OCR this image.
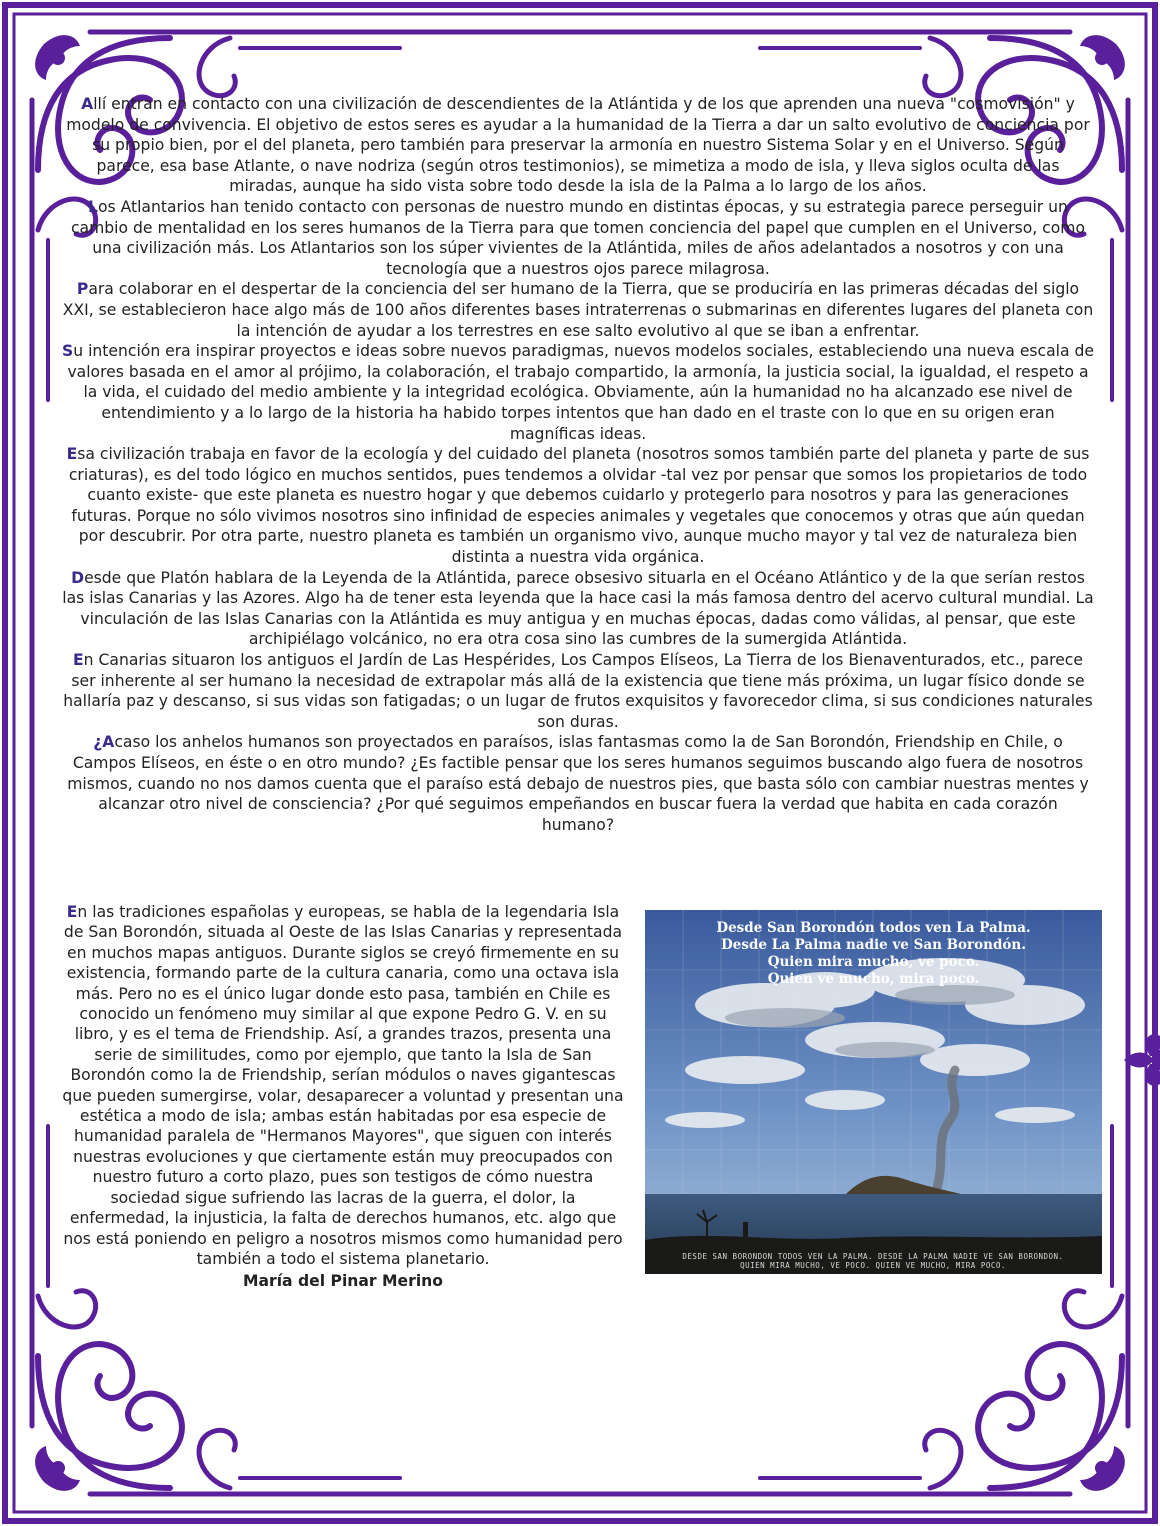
Allí entran en contacto con una civilización de descendientes de la Atlántida y de los que aprenden una nueva "cosmovisión" y modelo de convivencia. El objetivo de estos seres es ayudar a la humanidad de la Tierra a dar un salto evolutivo de conciencia por su propio bien, por el del planeta, pero también para preservar la armonía en nuestro Sistema Solar y en el Universo. Según parece, esa base Atlante, o nave nodriza (según otros testimonios), se mimetiza a modo de isla, y lleva siglos oculta de las miradas, aunque ha sido vista sobre todo desde la isla de la Palma a lo largo de los años.

Los Atlantarios han tenido contacto con personas de nuestro mundo en distintas épocas, y su estrategia parece perseguir un cambio de mentalidad en los seres humanos de la Tierra para que tomen conciencia del papel que cumplen en el Universo, como una civilización más. Los Atlantarios son los súper vivientes de la Atlántida, miles de años adelantados a nosotros y con una tecnología que a nuestros ojos parece milagrosa.

Para colaborar en el despertar de la conciencia del ser humano de la Tierra, que se produciría en las primeras décadas del siglo XXI, se establecieron hace algo más de 100 años diferentes bases intraterrenas o submarinas en diferentes lugares del planeta con la intención de ayudar a los terrestres en ese salto evolutivo al que se iban a enfrentar.

Su intención era inspirar proyectos e ideas sobre nuevos paradigmas, nuevos modelos sociales, estableciendo una nueva escala de valores basada en el amor al prójimo, la colaboración, el trabajo compartido, la armonía, la justicia social, la igualdad, el respeto a la vida, el cuidado del medio ambiente y la integridad ecológica. Obviamente, aún la humanidad no ha alcanzado ese nivel de entendimiento y a lo largo de la historia ha habido torpes intentos que han dado en el traste con lo que en su origen eran magníficas ideas.

Esa civilización trabaja en favor de la ecología y del cuidado del planeta (nosotros somos también parte del planeta y parte de sus criaturas), es del todo lógico en muchos sentidos, pues tendemos a olvidar -tal vez por pensar que somos los propietarios de todo cuanto existe- que este planeta es nuestro hogar y que debemos cuidarlo y protegerlo para nosotros y para las generaciones futuras. Porque no sólo vivimos nosotros sino infinidad de especies animales y vegetales que conocemos y otras que aún quedan por descubrir. Por otra parte, nuestro planeta es también un organismo vivo, aunque mucho mayor y tal vez de naturaleza bien distinta a nuestra vida orgánica.

Desde que Platón hablara de la Leyenda de la Atlántida, parece obsesivo situarla en el Océano Atlántico y de la que serían restos las islas Canarias y las Azores. Algo ha de tener esta leyenda que la hace casi la más famosa dentro del acervo cultural mundial. La vinculación de las Islas Canarias con la Atlántida es muy antigua y en muchas épocas, dadas como válidas, al pensar, que este archipiélago volcánico, no era otra cosa sino las cumbres de la sumergida Atlántida.

En Canarias situaron los antiguos el Jardín de Las Hespérides, Los Campos Elíseos, La Tierra de los Bienaventurados, etc., parece ser inherente al ser humano la necesidad de extrapolar más allá de la existencia que tiene más próxima, un lugar físico donde se hallaría paz y descanso, si sus vidas son fatigadas; o un lugar de frutos exquisitos y favorecedor clima, si sus condiciones naturales son duras.

¿Acaso los anhelos humanos son proyectados en paraísos, islas fantasmas como la de San Borondón, Friendship en Chile, o Campos Elíseos, en éste o en otro mundo? ¿Es factible pensar que los seres humanos seguimos buscando algo fuera de nosotros mismos, cuando no nos damos cuenta que el paraíso está debajo de nuestros pies, que basta sólo con cambiar nuestras mentes y alcanzar otro nivel de consciencia? ¿Por qué seguimos empeñandos en buscar fuera la verdad que habita en cada corazón humano?

En las tradiciones españolas y europeas, se habla de la legendaria Isla de San Borondón, situada al Oeste de las Islas Canarias y representada en muchos mapas antiguos. Durante siglos se creyó firmemente en su existencia, formando parte de la cultura canaria, como una octava isla más. Pero no es el único lugar donde esto pasa, también en Chile es conocido un fenómeno muy similar al que expone Pedro G. V. en su libro, y es el tema de Friendship. Así, a grandes trazos, presenta una serie de similitudes, como por ejemplo, que tanto la Isla de San Borondón como la de Friendship, serían módulos o naves gigantescas que pueden sumergirse, volar, desaparecer a voluntad y presentan una estética a modo de isla; ambas están habitadas por esa especie de humanidad paralela de "Hermanos Mayores", que siguen con interés nuestras evoluciones y que ciertamente están muy preocupados con nuestro futuro a corto plazo, pues son testigos de cómo nuestra sociedad sigue sufriendo las lacras de la guerra, el dolor, la enfermedad, la injusticia, la falta de derechos humanos, etc. algo que nos está poniendo en peligro a nosotros mismos como humanidad pero también a todo el sistema planetario.

María del Pinar Merino

Desde San Borondón todos ven La Palma.
Desde La Palma nadie ve San Borondón.
Quien mira mucho, ve poco.
Quien ve mucho, mira poco.
DESDE SAN BORONDON TODOS VEN LA PALMA. DESDE LA PALMA NADIE VE SAN BORONDON.
QUIEN MIRA MUCHO, VE POCO. QUIEN VE MUCHO, MIRA POCO.
